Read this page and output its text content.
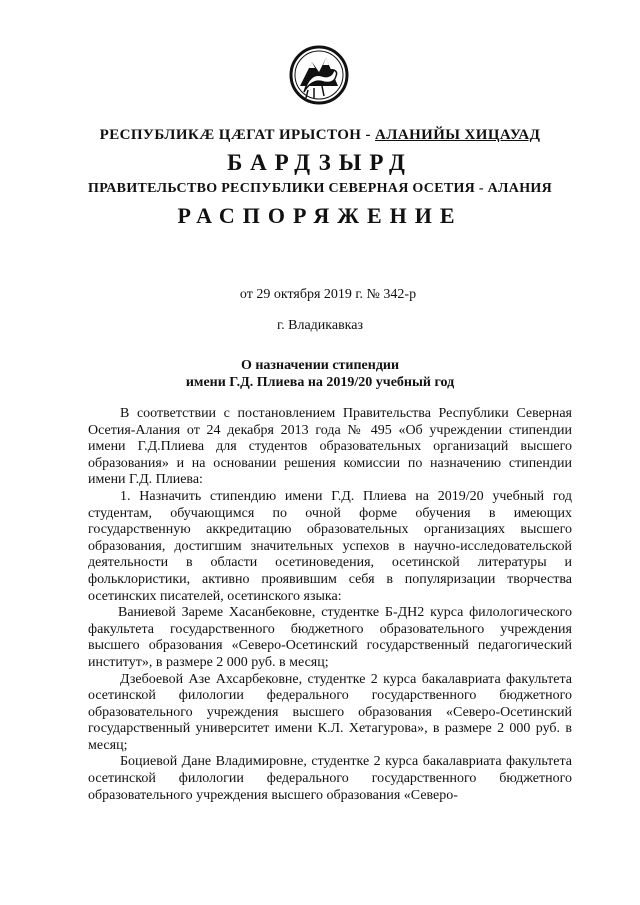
РЕСПУБЛИКӔ ЦӔГАТ ИРЫСТОН - АЛАНИЙЫ ХИЦАУАД
БАРДЗЫРД
ПРАВИТЕЛЬСТВО РЕСПУБЛИКИ СЕВЕРНАЯ ОСЕТИЯ - АЛАНИЯ
РАСПОРЯЖЕНИЕ
от 29 октября 2019 г. № 342-р
г. Владикавказ
О назначении стипендии
имени Г.Д. Плиева на 2019/20 учебный год

В соответствии с постановлением Правительства Республики Северная Осетия-Алания от 24 декабря 2013 года № 495 «Об учреждении стипендии имени Г.Д.Плиева для студентов образовательных организаций высшего образования» и на основании решения комиссии по назначению стипендии имени Г.Д. Плиева:

1. Назначить стипендию имени Г.Д. Плиева на 2019/20 учебный год студентам, обучающимся по очной форме обучения в имеющих государственную аккредитацию образовательных организациях высшего образования, достигшим значительных успехов в научно-исследовательской деятельности в области осетиноведения, осетинской литературы и фольклористики, активно проявившим себя в популяризации творчества осетинских писателей, осетинского языка:

Ваниевой Зареме Хасанбековне, студентке Б-ДН2 курса филологического факультета государственного бюджетного образовательного учреждения высшего образования «Северо-Осетинский государственный педагогический институт», в размере 2 000 руб. в месяц;

Дзебоевой Азе Ахсарбековне, студентке 2 курса бакалавриата факультета осетинской филологии федерального государственного бюджетного образовательного учреждения высшего образования «Северо-Осетинский государственный университет имени К.Л. Хетагурова», в размере 2 000 руб. в месяц;

Боциевой Дане Владимировне, студентке 2 курса бакалавриата факультета осетинской филологии федерального государственного бюджетного образовательного учреждения высшего образования «Северо-
